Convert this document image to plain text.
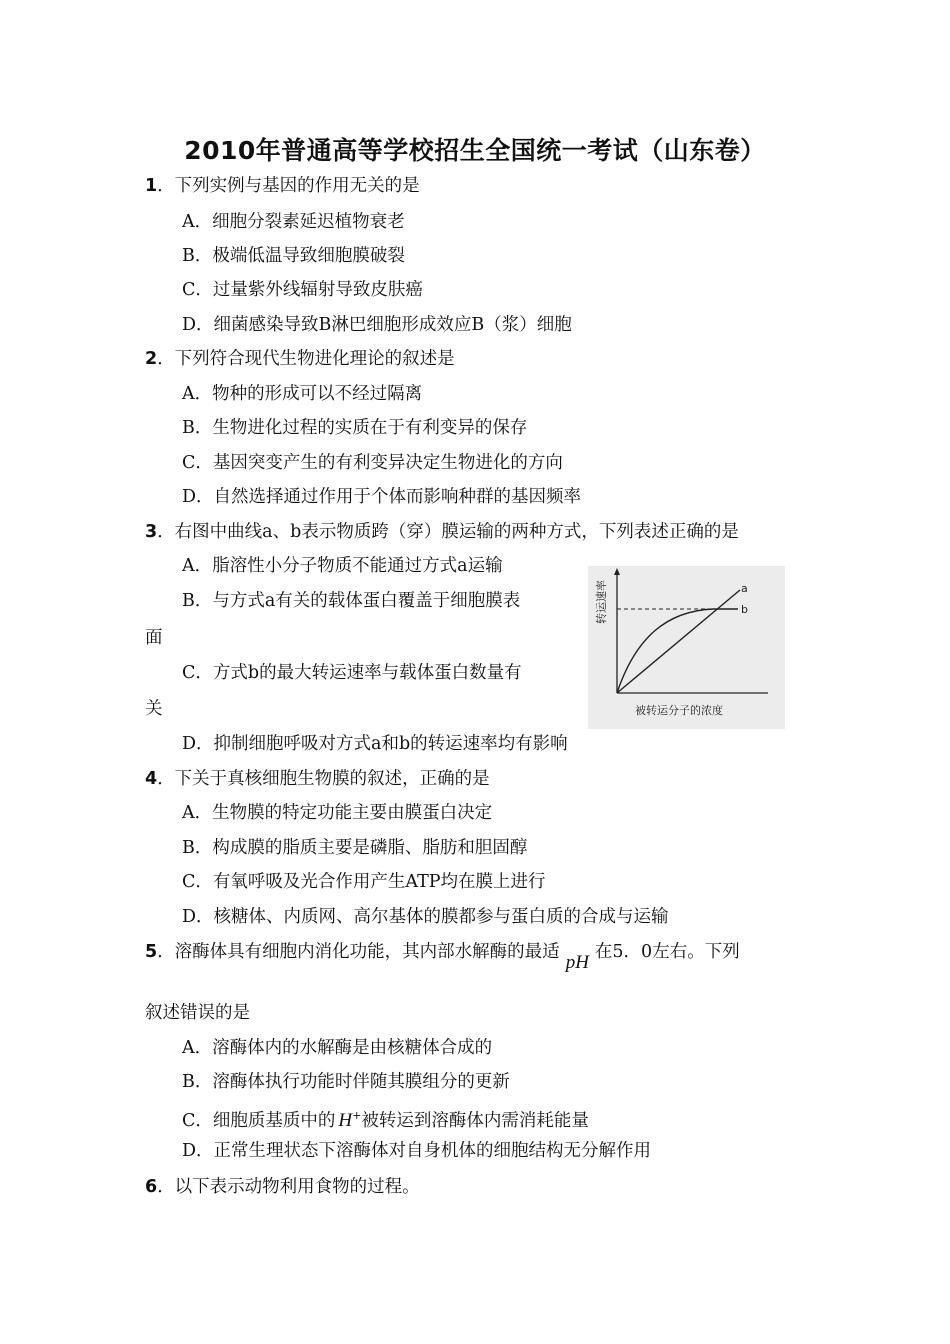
2010年普通高等学校招生全国统一考试（山东卷）
1．下列实例与基因的作用无关的是
A．细胞分裂素延迟植物衰老
B．极端低温导致细胞膜破裂
C．过量紫外线辐射导致皮肤癌
D．细菌感染导致B淋巴细胞形成效应B（浆）细胞
2．下列符合现代生物进化理论的叙述是
A．物种的形成可以不经过隔离
B．生物进化过程的实质在于有利变异的保存
C．基因突变产生的有利变异决定生物进化的方向
D．自然选择通过作用于个体而影响种群的基因频率
3．右图中曲线a、b表示物质跨（穿）膜运输的两种方式，下列表述正确的是
A．脂溶性小分子物质不能通过方式a运输
B．与方式a有关的载体蛋白覆盖于细胞膜表
面
C．方式b的最大转运速率与载体蛋白数量有
关
D．抑制细胞呼吸对方式a和b的转运速率均有影响
a
b
转运速率
被转运分子的浓度
4．下关于真核细胞生物膜的叙述，正确的是
A．生物膜的特定功能主要由膜蛋白决定
B．构成膜的脂质主要是磷脂、脂肪和胆固醇
C．有氧呼吸及光合作用产生ATP均在膜上进行
D．核糖体、内质网、高尔基体的膜都参与蛋白质的合成与运输
5．溶酶体具有细胞内消化功能，其内部水解酶的最适 pH 在5．0左右。下列
叙述错误的是
A．溶酶体内的水解酶是由核糖体合成的
B．溶酶体执行功能时伴随其膜组分的更新
C．细胞质基质中的 H+被转运到溶酶体内需消耗能量
D．正常生理状态下溶酶体对自身机体的细胞结构无分解作用
6．以下表示动物利用食物的过程。
